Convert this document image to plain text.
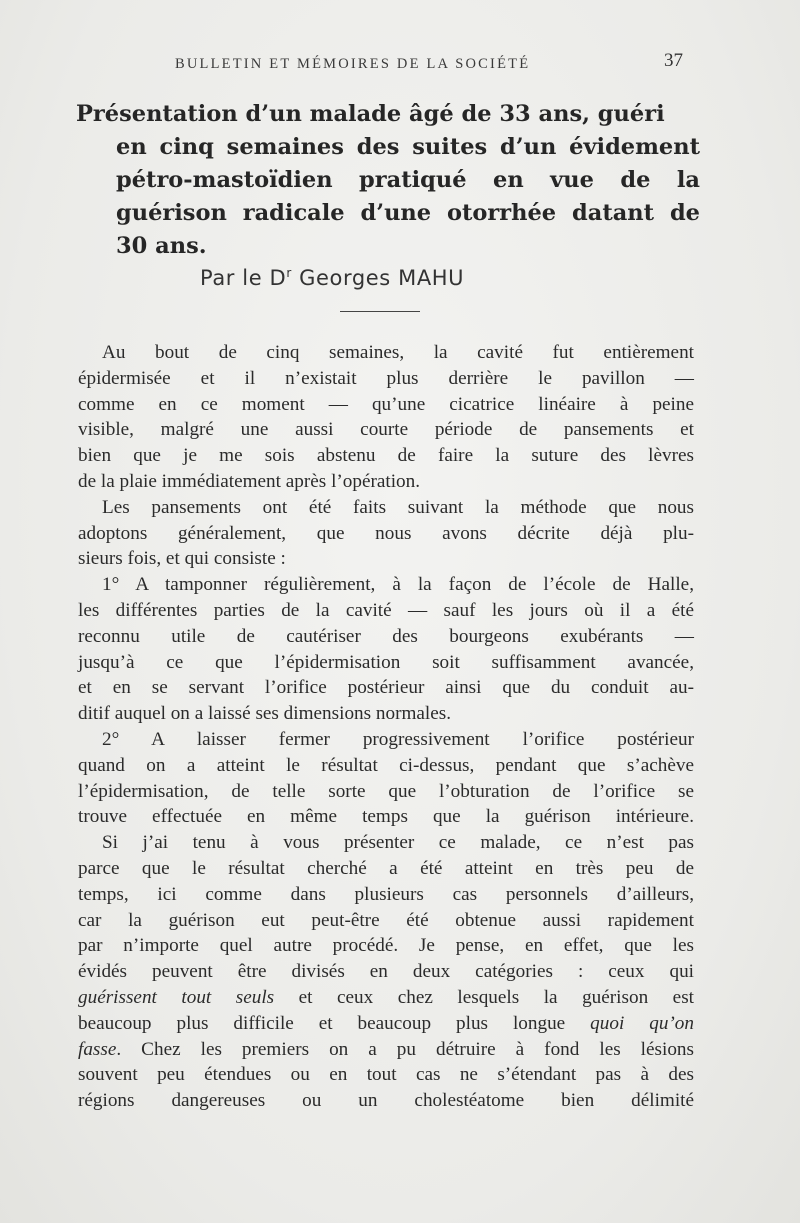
BULLETIN ET MÉMOIRES DE LA SOCIÉTÉ	37
Présentation d’un malade âgé de 33 ans, guéri
en cinq semaines des suites d’un évidement
pétro-mastoïdien pratiqué en vue de la
guérison radicale d’une otorrhée datant de
30 ans.
Par le $D^r$ Georges MAHU
Au bout de cinq semaines, la cavité fut entièrement
épidermisée et il n’existait plus derrière le pavillon —
comme en ce moment — qu’une cicatrice linéaire à peine
visible, malgré une aussi courte période de pansements et
bien que je me sois abstenu de faire la suture des lèvres
de la plaie immédiatement après l’opération.
Les pansements ont été faits suivant la méthode que nous
adoptons généralement, que nous avons décrite déjà plu-
sieurs fois, et qui consiste :
1° A tamponner régulièrement, à la façon de l’école de Halle,
les différentes parties de la cavité — sauf les jours où il a été
reconnu utile de cautériser des bourgeons exubérants —
jusqu’à ce que l’épidermisation soit suffisamment avancée,
et en se servant l’orifice postérieur ainsi que du conduit au-
ditif auquel on a laissé ses dimensions normales.
2° A laisser fermer progressivement l’orifice postérieur
quand on a atteint le résultat ci-dessus, pendant que s’achève
l’épidermisation, de telle sorte que l’obturation de l’orifice se
trouve effectuée en même temps que la guérison intérieure.
Si j’ai tenu à vous présenter ce malade, ce n’est pas
parce que le résultat cherché a été atteint en très peu de
temps, ici comme dans plusieurs cas personnels d’ailleurs,
car la guérison eut peut-être été obtenue aussi rapidement
par n’importe quel autre procédé. Je pense, en effet, que les
évidés peuvent être divisés en deux catégories : ceux qui
guérissent tout seuls et ceux chez lesquels la guérison est
beaucoup plus difficile et beaucoup plus longue quoi qu’on
fasse. Chez les premiers on a pu détruire à fond les lésions
souvent peu étendues ou en tout cas ne s’étendant pas à des
régions dangereuses ou un cholestéatome bien délimité
